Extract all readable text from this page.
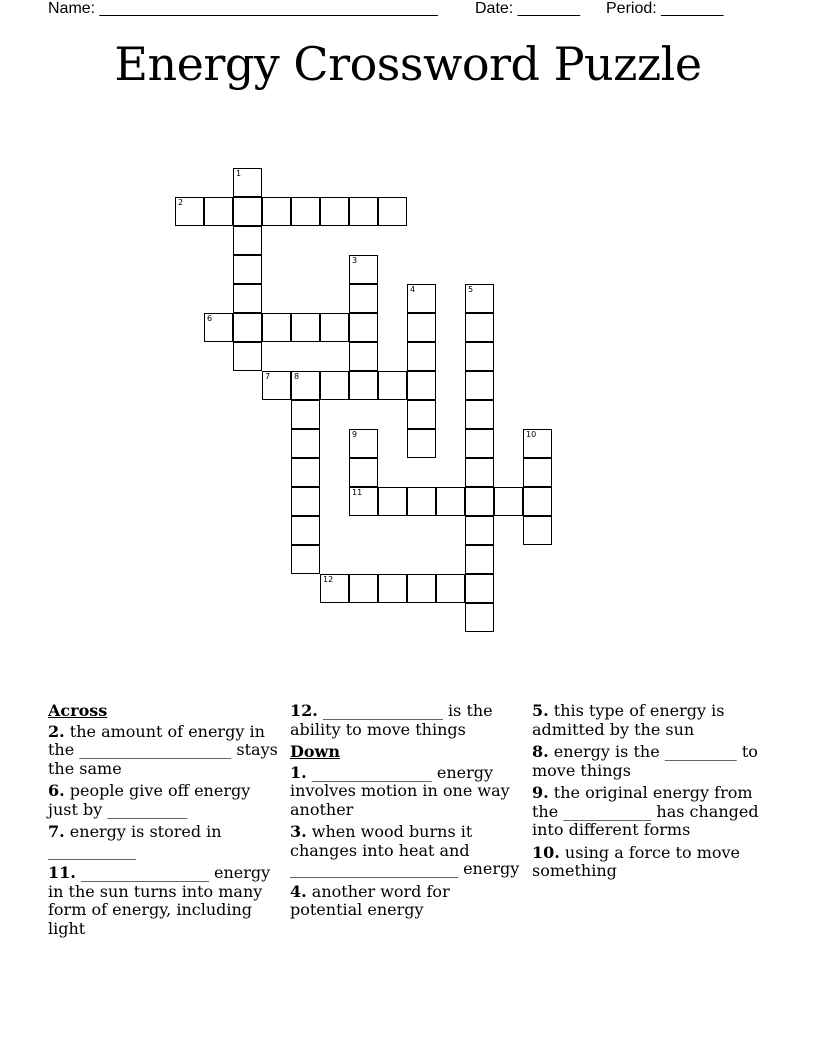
Name: ______________________________________ Date: _______ Period: _______
Energy Crossword Puzzle
2
1
3
4	5
6
7	8
9
11
10
12
Across
2. the amount of energy in the ___________________ stays the same
6. people give off energy just by __________
7. energy is stored in ___________
11. ________________ energy in the sun turns into many form of energy, including light
12. _______________ is the ability to move things
Down
1. _______________ energy involves motion in one way another
3. when wood burns it changes into heat and _____________________ energy
4. another word for potential energy
5. this type of energy is admitted by the sun
8. energy is the _________ to move things
9. the original energy from the ___________ has changed into different forms
10. using a force to move something
